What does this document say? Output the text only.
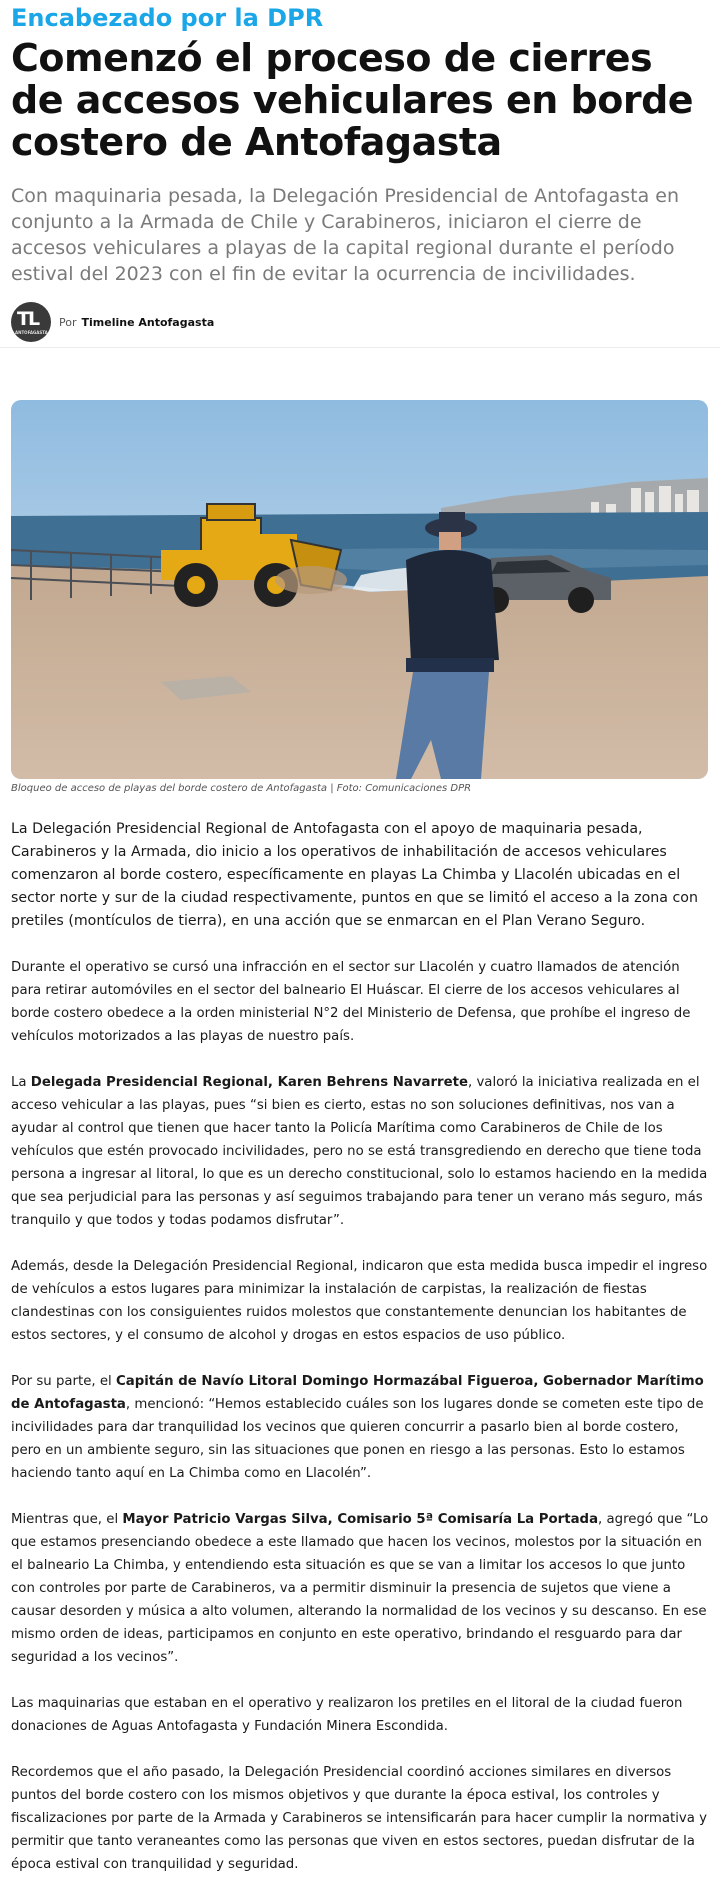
Encabezado por la DPR
Comenzó el proceso de cierres de accesos vehiculares en borde costero de Antofagasta

Con maquinaria pesada, la Delegación Presidencial de Antofagasta en conjunto a la Armada de Chile y Carabineros, iniciaron el cierre de accesos vehiculares a playas de la capital regional durante el período estival del 2023 con el fin de evitar la ocurrencia de incivilidades.

TL
ANTOFAGASTA
Por Timeline Antofagasta
Bloqueo de acceso de playas del borde costero de Antofagasta | Foto: Comunicaciones DPR

La Delegación Presidencial Regional de Antofagasta con el apoyo de maquinaria pesada, Carabineros y la Armada, dio inicio a los operativos de inhabilitación de accesos vehiculares comenzaron al borde costero, específicamente en playas La Chimba y Llacolén ubicadas en el sector norte y sur de la ciudad respectivamente, puntos en que se limitó el acceso a la zona con pretiles (montículos de tierra), en una acción que se enmarcan en el Plan Verano Seguro.

Durante el operativo se cursó una infracción en el sector sur Llacolén y cuatro llamados de atención para retirar automóviles en el sector del balneario El Huáscar. El cierre de los accesos vehiculares al borde costero obedece a la orden ministerial N°2 del Ministerio de Defensa, que prohíbe el ingreso de vehículos motorizados a las playas de nuestro país.

La Delegada Presidencial Regional, Karen Behrens Navarrete, valoró la iniciativa realizada en el acceso vehicular a las playas, pues “si bien es cierto, estas no son soluciones definitivas, nos van a ayudar al control que tienen que hacer tanto la Policía Marítima como Carabineros de Chile de los vehículos que estén provocado incivilidades, pero no se está transgrediendo en derecho que tiene toda persona a ingresar al litoral, lo que es un derecho constitucional, solo lo estamos haciendo en la medida que sea perjudicial para las personas y así seguimos trabajando para tener un verano más seguro, más tranquilo y que todos y todas podamos disfrutar”.

Además, desde la Delegación Presidencial Regional, indicaron que esta medida busca impedir el ingreso de vehículos a estos lugares para minimizar la instalación de carpistas, la realización de fiestas clandestinas con los consiguientes ruidos molestos que constantemente denuncian los habitantes de estos sectores, y el consumo de alcohol y drogas en estos espacios de uso público.

Por su parte, el Capitán de Navío Litoral Domingo Hormazábal Figueroa, Gobernador Marítimo de Antofagasta, mencionó: “Hemos establecido cuáles son los lugares donde se cometen este tipo de incivilidades para dar tranquilidad los vecinos que quieren concurrir a pasarlo bien al borde costero, pero en un ambiente seguro, sin las situaciones que ponen en riesgo a las personas. Esto lo estamos haciendo tanto aquí en La Chimba como en Llacolén”.

Mientras que, el Mayor Patricio Vargas Silva, Comisario 5ª Comisaría La Portada, agregó que “Lo que estamos presenciando obedece a este llamado que hacen los vecinos, molestos por la situación en el balneario La Chimba, y entendiendo esta situación es que se van a limitar los accesos lo que junto con controles por parte de Carabineros, va a permitir disminuir la presencia de sujetos que viene a causar desorden y música a alto volumen, alterando la normalidad de los vecinos y su descanso. En ese mismo orden de ideas, participamos en conjunto en este operativo, brindando el resguardo para dar seguridad a los vecinos”.

Las maquinarias que estaban en el operativo y realizaron los pretiles en el litoral de la ciudad fueron donaciones de Aguas Antofagasta y Fundación Minera Escondida.

Recordemos que el año pasado, la Delegación Presidencial coordinó acciones similares en diversos puntos del borde costero con los mismos objetivos y que durante la época estival, los controles y fiscalizaciones por parte de la Armada y Carabineros se intensificarán para hacer cumplir la normativa y permitir que tanto veraneantes como las personas que viven en estos sectores, puedan disfrutar de la época estival con tranquilidad y seguridad.
